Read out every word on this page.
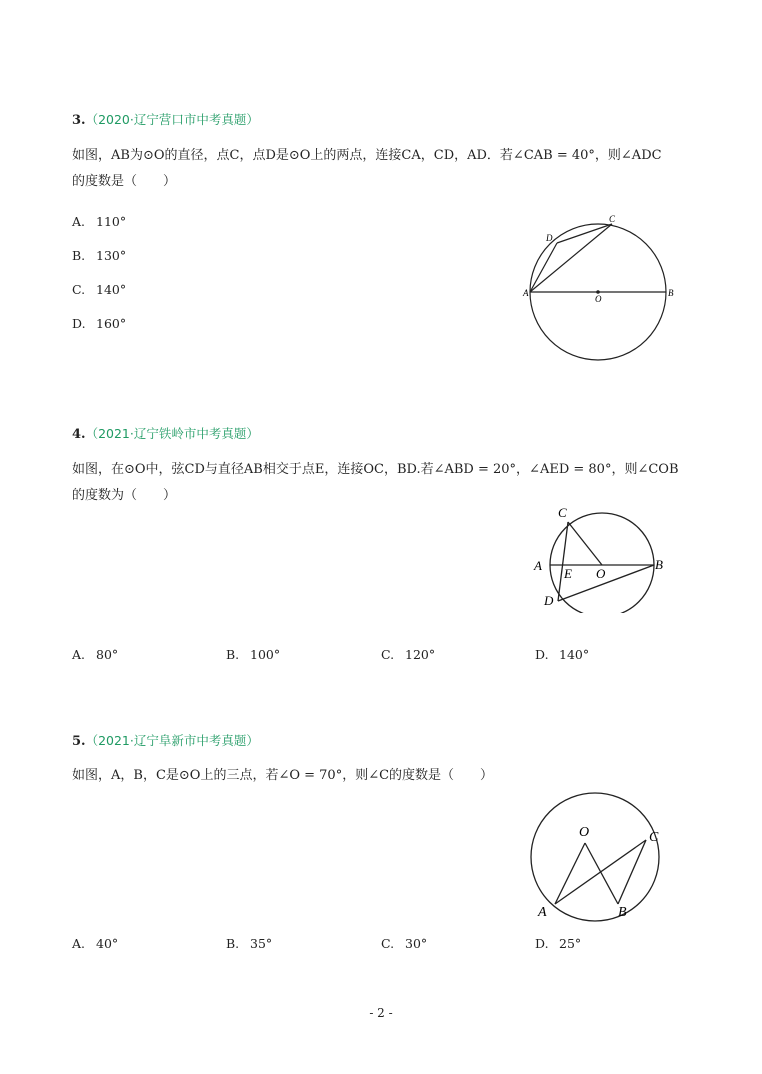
3.（2020·辽宁营口市中考真题）
如图，AB为⊙O的直径，点C，点D是⊙O上的两点，连接CA，CD，AD．若∠CAB = 40°，则∠ADC
的度数是（　　）
A. 110°
B. 130°
C. 140°
D. 160°
A	B
C
D
O
4.（2021·辽宁铁岭市中考真题）
如图，在⊙O中，弦CD与直径AB相交于点E，连接OC，BD.若∠ABD = 20°，∠AED = 80°，则∠COB
的度数为（　　）
A	B
C
D
E O
A. 80°	B. 100°	C. 120°	D. 140°
5.（2021·辽宁阜新市中考真题）
如图，A，B，C是⊙O上的三点，若∠O = 70°，则∠C的度数是（　　）
A	B
C
O
A. 40°	B. 35°	C. 30°	D. 25°
- 2 -
